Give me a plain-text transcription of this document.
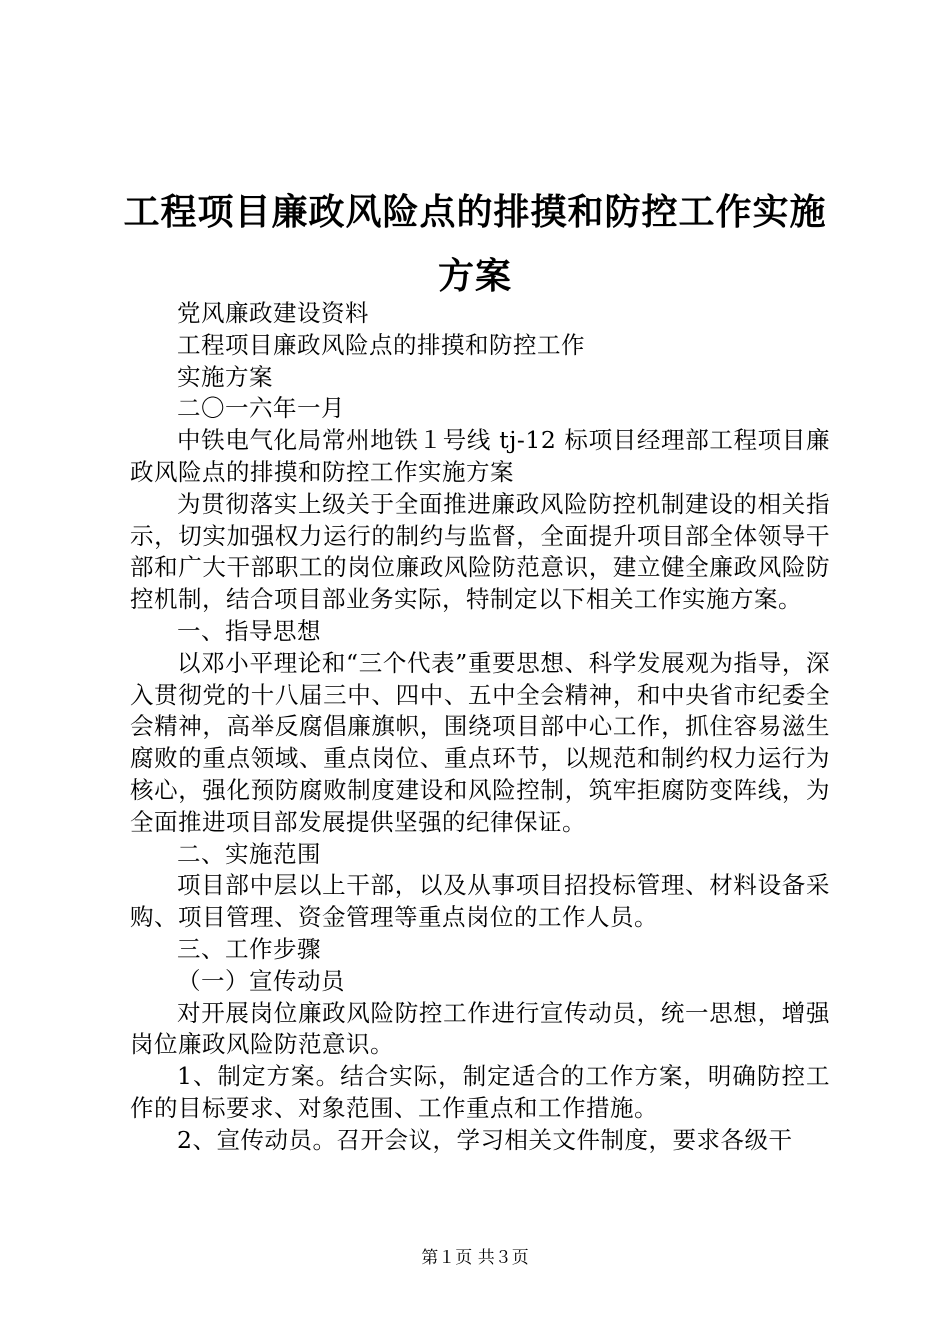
工程项目廉政风险点的排摸和防控工作实施方案

党风廉政建设资料

工程项目廉政风险点的排摸和防控工作

实施方案

二〇一六年一月

中铁电气化局常州地铁１号线 tj-12 标项目经理部工程项目廉政风险点的排摸和防控工作实施方案

为贯彻落实上级关于全面推进廉政风险防控机制建设的相关指示，切实加强权力运行的制约与监督，全面提升项目部全体领导干部和广大干部职工的岗位廉政风险防范意识，建立健全廉政风险防控机制，结合项目部业务实际，特制定以下相关工作实施方案。

一、指导思想

以邓小平理论和“三个代表”重要思想、科学发展观为指导，深入贯彻党的十八届三中、四中、五中全会精神，和中央省市纪委全会精神，高举反腐倡廉旗帜，围绕项目部中心工作，抓住容易滋生腐败的重点领域、重点岗位、重点环节，以规范和制约权力运行为核心，强化预防腐败制度建设和风险控制，筑牢拒腐防变阵线，为全面推进项目部发展提供坚强的纪律保证。

二、实施范围

项目部中层以上干部，以及从事项目招投标管理、材料设备采购、项目管理、资金管理等重点岗位的工作人员。

三、工作步骤

（一）宣传动员

对开展岗位廉政风险防控工作进行宣传动员，统一思想，增强岗位廉政风险防范意识。

1、制定方案。结合实际，制定适合的工作方案，明确防控工作的目标要求、对象范围、工作重点和工作措施。

2、宣传动员。召开会议，学习相关文件制度，要求各级干

第１页 共３页
